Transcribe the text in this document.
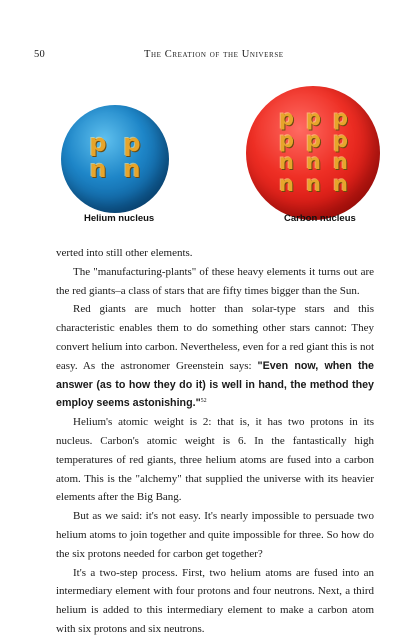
50	The Creation of the Universe
p p
n n
p p p
p p p
n n n
n n n
Helium nucleus	Carbon nucleus

verted into still other elements.

The "manufacturing-plants" of these heavy elements it turns out are the red giants–a class of stars that are fifty times bigger than the Sun.

Red giants are much hotter than solar-type stars and this characteristic enables them to do something other stars cannot: They convert helium into carbon. Nevertheless, even for a red giant this is not easy. As the astronomer Greenstein says: "Even now, when the answer (as to how they do it) is well in hand, the method they employ seems astonishing."$^{52}$

Helium's atomic weight is 2: that is, it has two protons in its nucleus. Carbon's atomic weight is 6. In the fantastically high temperatures of red giants, three helium atoms are fused into a carbon atom. This is the "alchemy" that supplied the universe with its heavier elements after the Big Bang.

But as we said: it's not easy. It's nearly impossible to persuade two helium atoms to join together and quite impossible for three. So how do the six protons needed for carbon get together?

It's a two-step process. First, two helium atoms are fused into an intermediary element with four protons and four neutrons. Next, a third helium is added to this intermediary element to make a carbon atom with six protons and six neutrons.
